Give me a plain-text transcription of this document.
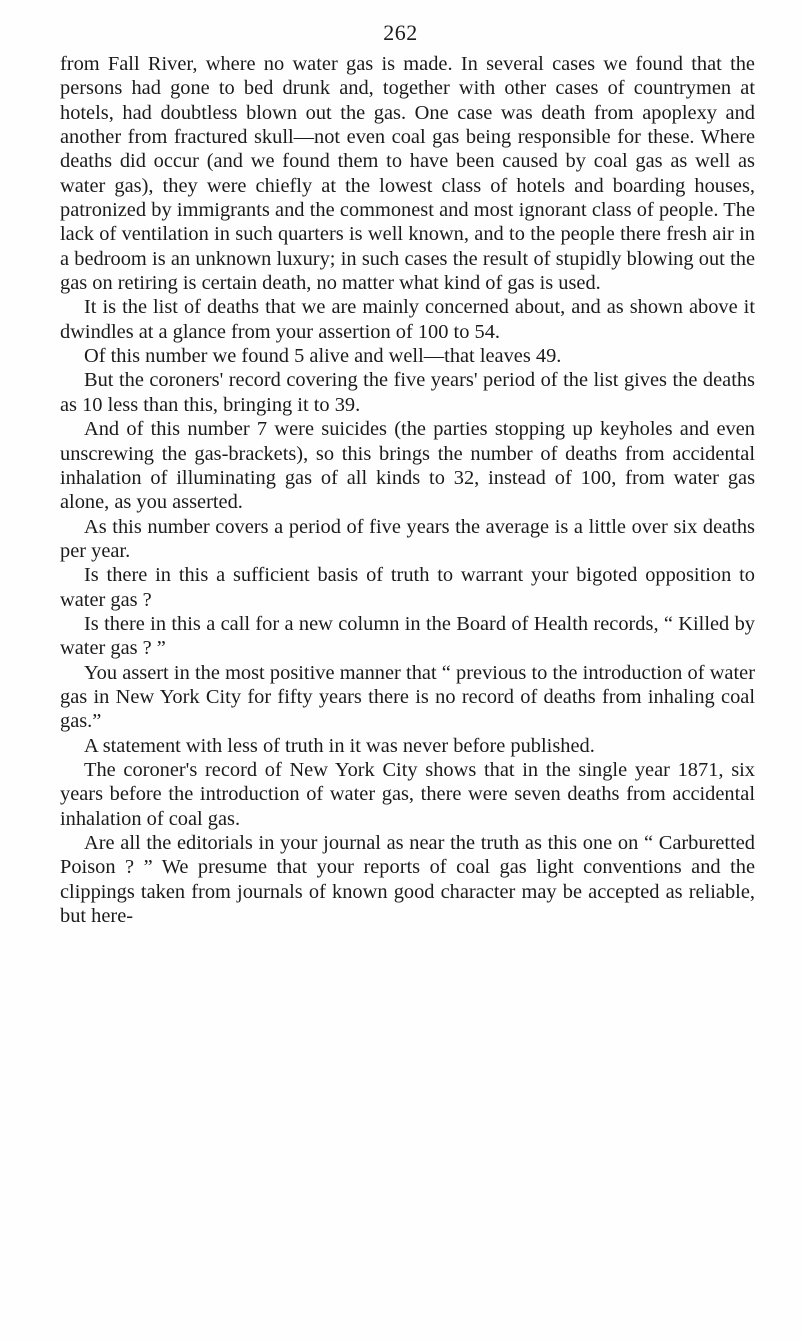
262

from Fall River, where no water gas is made. In several cases we found that the persons had gone to bed drunk and, together with other cases of countrymen at hotels, had doubtless blown out the gas. One case was death from apoplexy and another from fractured skull—not even coal gas being responsible for these. Where deaths did occur (and we found them to have been caused by coal gas as well as water gas), they were chiefly at the lowest class of hotels and boarding houses, patronized by immigrants and the commonest and most ignorant class of people. The lack of ventilation in such quarters is well known, and to the people there fresh air in a bedroom is an unknown luxury; in such cases the result of stupidly blowing out the gas on retiring is certain death, no matter what kind of gas is used.

It is the list of deaths that we are mainly concerned about, and as shown above it dwindles at a glance from your assertion of 100 to 54.

Of this number we found 5 alive and well—that leaves 49.

But the coroners' record covering the five years' period of the list gives the deaths as 10 less than this, bringing it to 39.

And of this number 7 were suicides (the parties stopping up keyholes and even unscrewing the gas-brackets), so this brings the number of deaths from accidental inhalation of illuminating gas of all kinds to 32, instead of 100, from water gas alone, as you asserted.

As this number covers a period of five years the average is a little over six deaths per year.

Is there in this a sufficient basis of truth to warrant your bigoted opposition to water gas ?

Is there in this a call for a new column in the Board of Health records, “ Killed by water gas ? ”

You assert in the most positive manner that “ previous to the introduction of water gas in New York City for fifty years there is no record of deaths from inhaling coal gas.”

A statement with less of truth in it was never before published.

The coroner's record of New York City shows that in the single year 1871, six years before the introduction of water gas, there were seven deaths from accidental inhalation of coal gas.

Are all the editorials in your journal as near the truth as this one on “ Carburetted Poison ? ” We presume that your reports of coal gas light conventions and the clippings taken from journals of known good character may be accepted as reliable, but here-
